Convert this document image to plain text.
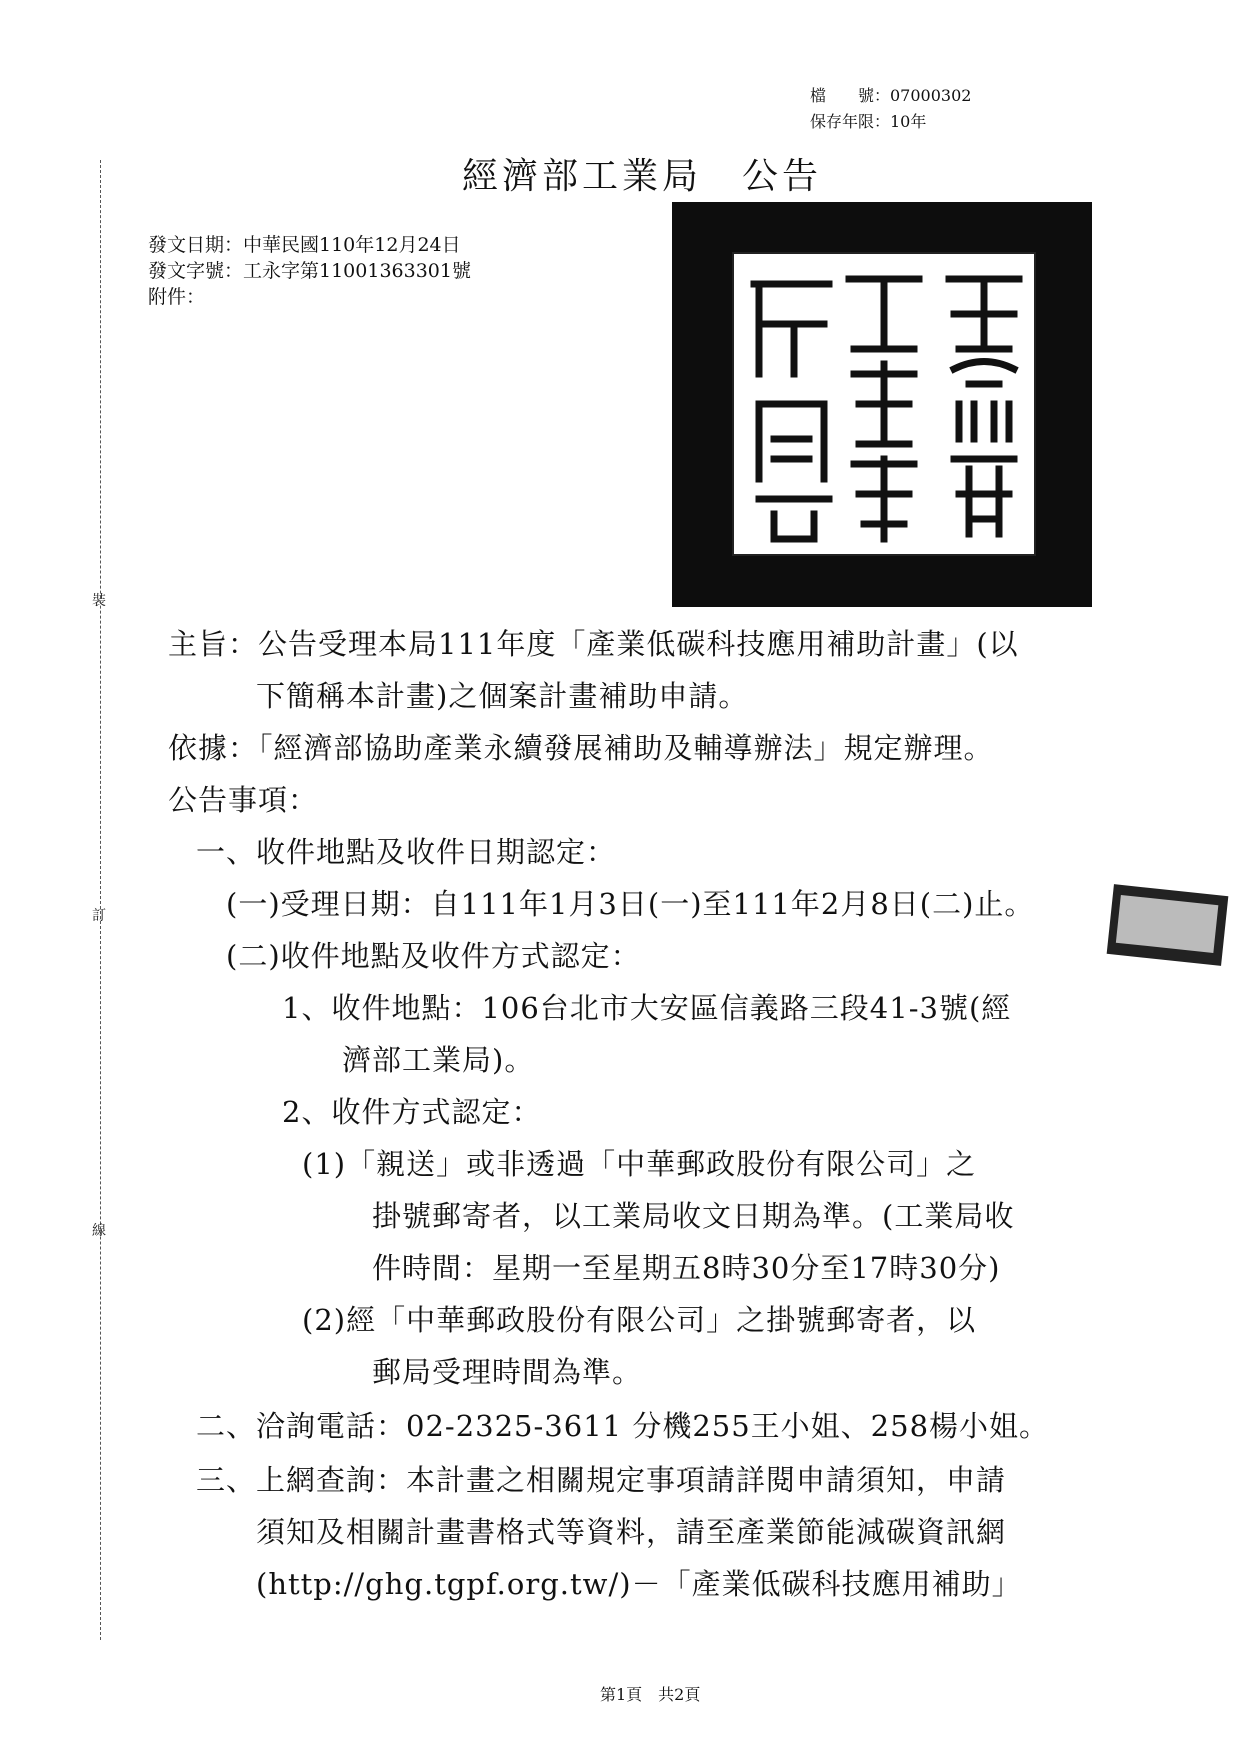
裝
訂
線
檔　　號：07000302
保存年限：10年
經濟部工業局　公告
發文日期：中華民國110年12月24日
發文字號：工永字第11001363301號
附件：
主旨：公告受理本局111年度「產業低碳科技應用補助計畫」(以
下簡稱本計畫)之個案計畫補助申請。
依據：「經濟部協助產業永續發展補助及輔導辦法」規定辦理。
公告事項：
一、收件地點及收件日期認定：
(一)受理日期：自111年1月3日(一)至111年2月8日(二)止。
(二)收件地點及收件方式認定：
1、收件地點：106台北市大安區信義路三段41-3號(經
濟部工業局)。
2、收件方式認定：
(1)「親送」或非透過「中華郵政股份有限公司」之
掛號郵寄者，以工業局收文日期為準。(工業局收
件時間：星期一至星期五8時30分至17時30分)
(2)經「中華郵政股份有限公司」之掛號郵寄者，以
郵局受理時間為準。
二、洽詢電話：02-2325-3611 分機255王小姐、258楊小姐。
三、上網查詢：本計畫之相關規定事項請詳閱申請須知，申請
須知及相關計畫書格式等資料，請至產業節能減碳資訊網
(http://ghg.tgpf.org.tw/)－「產業低碳科技應用補助」
第1頁　共2頁
